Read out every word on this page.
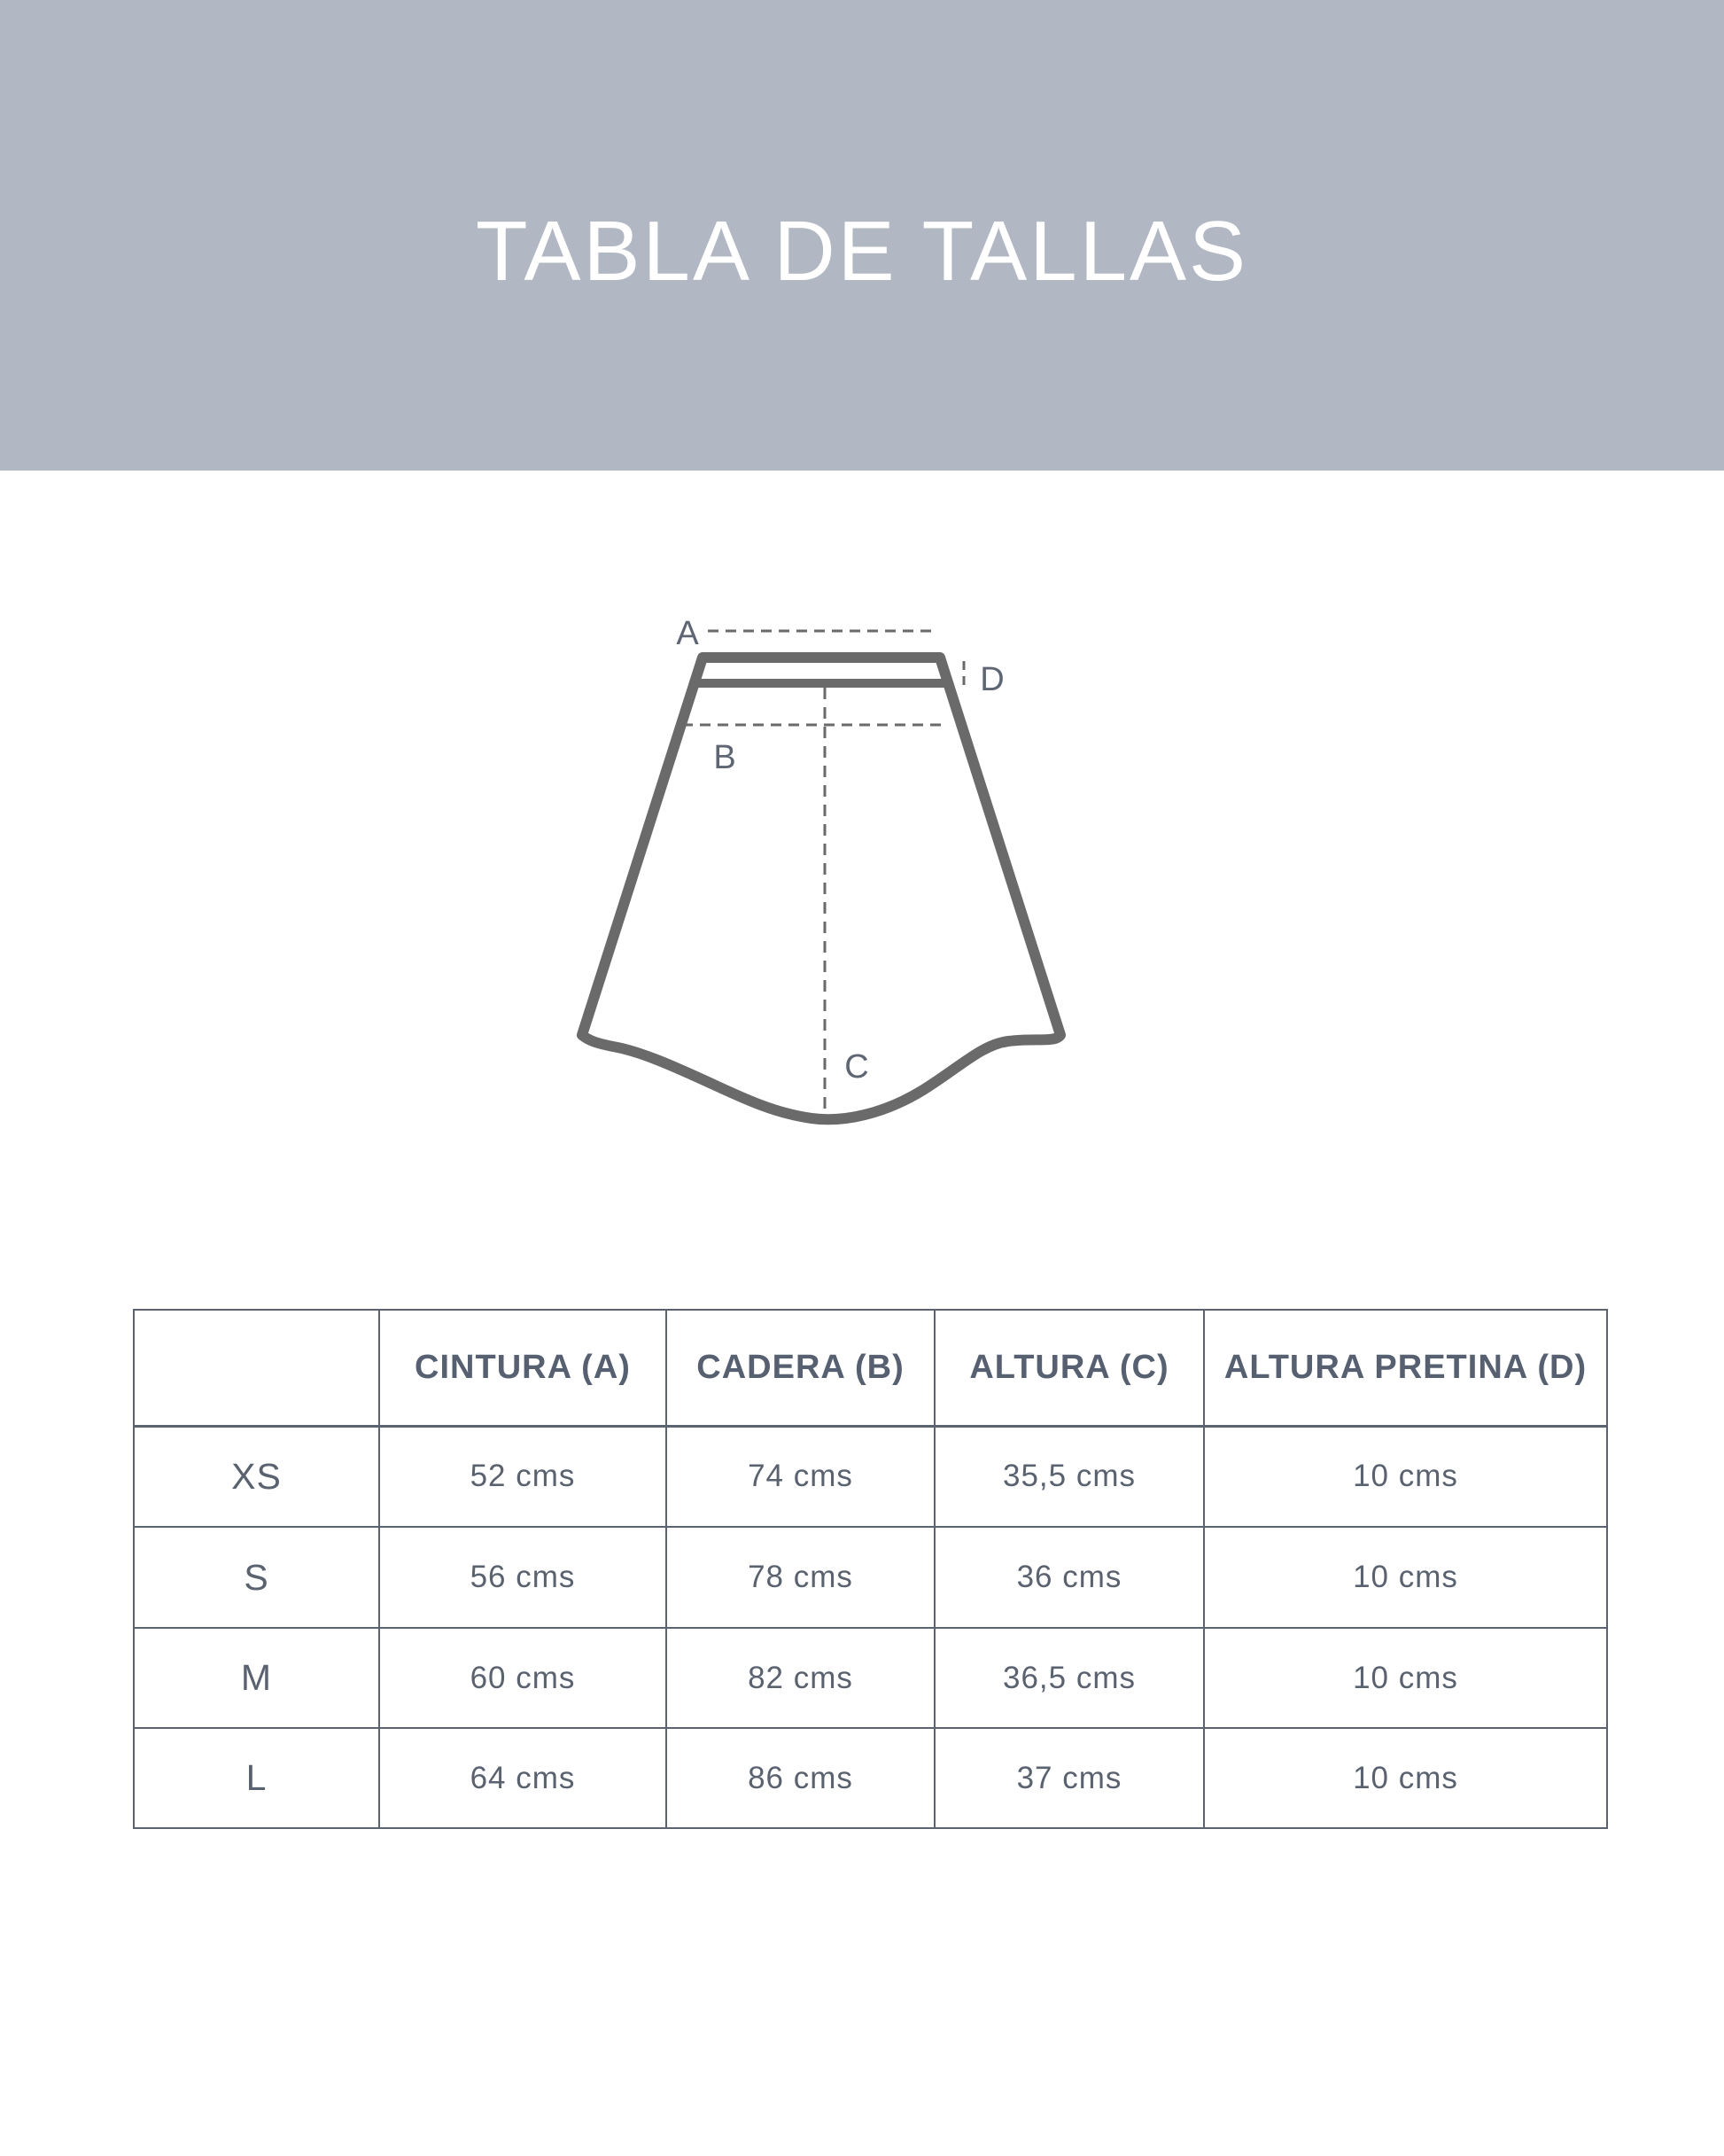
TABLA DE TALLAS
A
B
C
D
	CINTURA (A)	CADERA (B)	ALTURA (C)	ALTURA PRETINA (D)
XS	52 cms	74 cms	35,5 cms	10 cms
S	56 cms	78 cms	36 cms	10 cms
M	60 cms	82 cms	36,5 cms	10 cms
L	64 cms	86 cms	37 cms	10 cms
